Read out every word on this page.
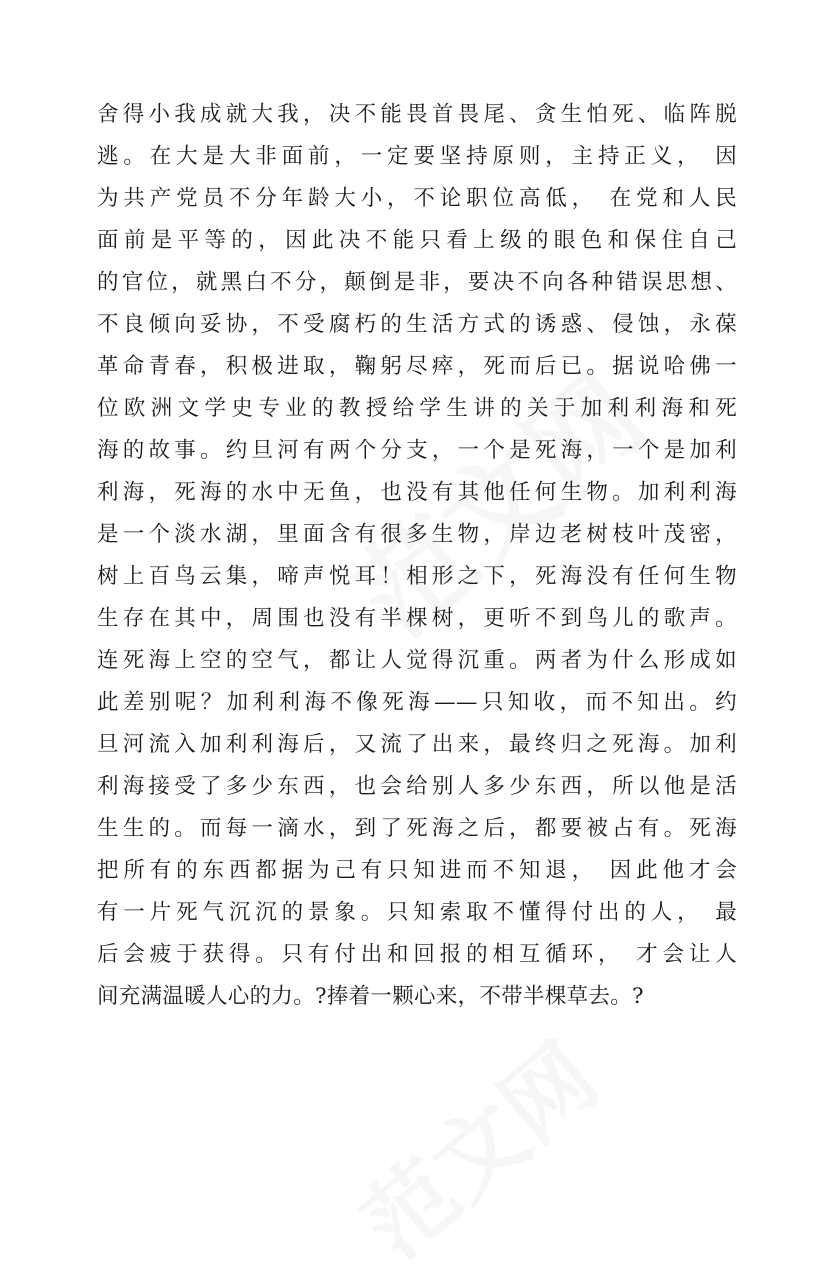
舍得小我成就大我，决不能畏首畏尾、贪生怕死、临阵脱
逃。在大是大非面前，一定要坚持原则，主持正义， 因
为共产党员不分年龄大小，不论职位高低， 在党和人民
面前是平等的，因此决不能只看上级的眼色和保住自己
的官位，就黑白不分，颠倒是非，要决不向各种错误思想、
不良倾向妥协，不受腐朽的生活方式的诱惑、侵蚀，永葆
革命青春，积极进取，鞠躬尽瘁，死而后已。据说哈佛一
位欧洲文学史专业的教授给学生讲的关于加利利海和死
海的故事。约旦河有两个分支，一个是死海，一个是加利
利海，死海的水中无鱼，也没有其他任何生物。加利利海
是一个淡水湖，里面含有很多生物，岸边老树枝叶茂密，
树上百鸟云集，啼声悦耳！相形之下，死海没有任何生物
生存在其中，周围也没有半棵树，更听不到鸟儿的歌声。
连死海上空的空气，都让人觉得沉重。两者为什么形成如
此差别呢？加利利海不像死海——只知收，而不知出。约
旦河流入加利利海后，又流了出来，最终归之死海。加利
利海接受了多少东西，也会给别人多少东西，所以他是活
生生的。而每一滴水，到了死海之后，都要被占有。死海
把所有的东西都据为己有只知进而不知退， 因此他才会
有一片死气沉沉的景象。只知索取不懂得付出的人， 最
后会疲于获得。只有付出和回报的相互循环， 才会让人
间充满温暖人心的力。?捧着一颗心来，不带半棵草去。?
